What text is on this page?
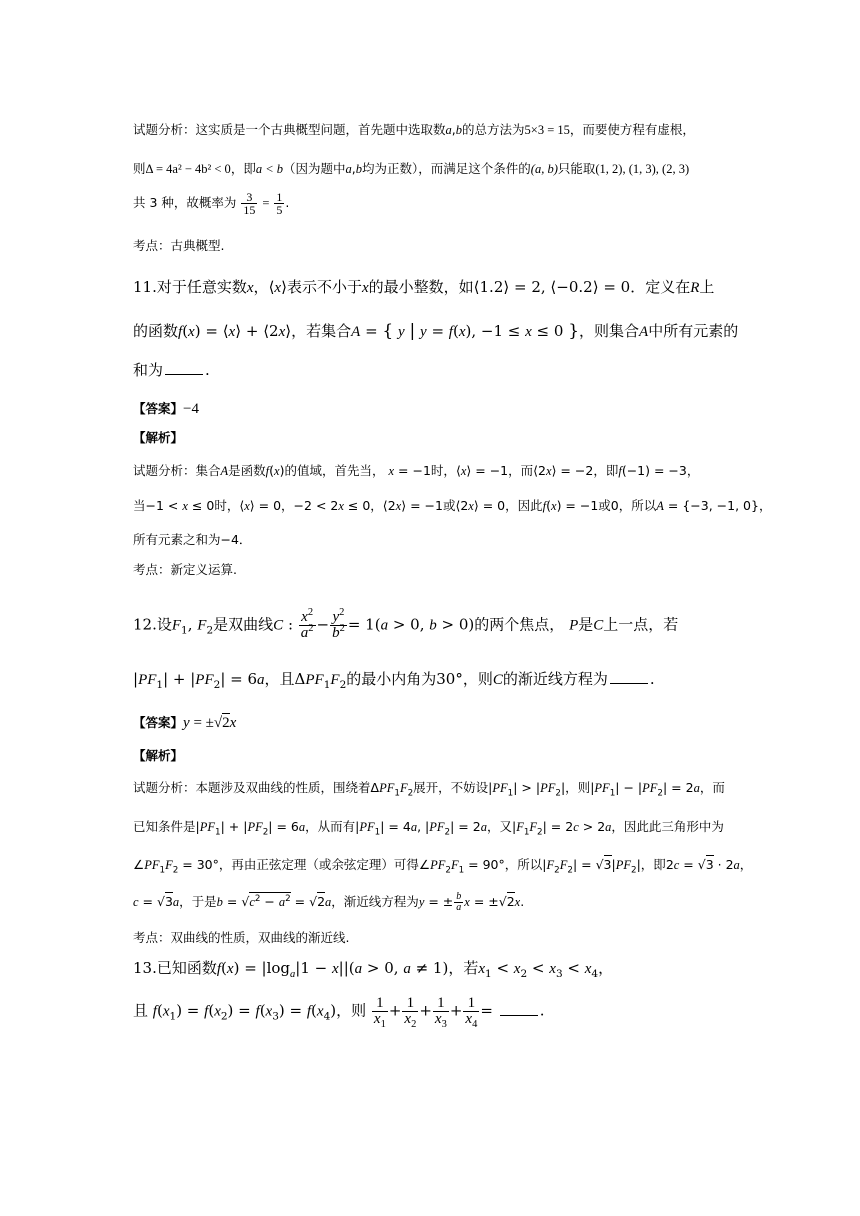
试题分析：这实质是一个古典概型问题，首先题中选取数a,b的总方法为5×3 = 15，而要使方程有虚根，
则Δ = 4a² − 4b² < 0，即a < b（因为题中a,b均为正数），而满足这个条件的(a, b)只能取(1, 2), (1, 3), (2, 3)
共 3 种，故概率为 $\frac{3}{15} = \frac{1}{5}$ .
考点：古典概型.
11.对于任意实数x，⟨x⟩表示不小于x的最小整数，如⟨1.2⟩ = 2, ⟨−0.2⟩ = 0．定义在R上
的函数f(x) = ⟨x⟩ + ⟨2x⟩，若集合A = { y | y = f(x), −1 ≤ x ≤ 0 }，则集合A中所有元素的
和为	.
【答案】−4
【解析】
试题分析：集合A是函数f(x)的值域，首先当， x = −1时，⟨x⟩ = −1，而⟨2x⟩ = −2，即f(−1) = −3，
当−1 < x ≤ 0时，⟨x⟩ = 0，−2 < 2x ≤ 0，⟨2x⟩ = −1或⟨2x⟩ = 0，因此f(x) = −1或0，所以A = {−3, −1, 0}，
所有元素之和为−4．
考点：新定义运算.
12.设$F_1$, $F_2$是双曲线C : $\frac{x^2}{a^2} - \frac{y^2}{b^2} = 1(a > 0$, b > 0)的两个焦点， P是C上一点，若
$|PF_1| + |PF_2| = 6a$，且$\Delta PF_1F_2$的最小内角为30°，则C的渐近线方程为	.
【答案】y = ±√2x
【解析】
试题分析：本题涉及双曲线的性质，围绕着$\Delta PF_1F_2$展开，不妨设$|PF_1| > |PF_2|$，则$|PF_1| - |PF_2| = 2a$，而
已知条件是$|PF_1| + |PF_2| = 6a$，从而有$|PF_1| = 4a$, $|PF_2| = 2a$，又$|F_1F_2| = 2c > 2a$，因此此三角形中为
$\angle PF_1F_2 = 30^\circ$，再由正弦定理（或余弦定理）可得$\angle PF_2F_1 = 90^\circ$，所以$|F_2F_2| = √3|PF_2|$，即2c = √3 · 2a，
c = √3a，于是$b = √c^2 - a^2 = √2a$，渐近线方程为y = ± $\frac{b}{a}$ x = ±√2x.
考点：双曲线的性质，双曲线的渐近线.
13.已知函数$f(x) = |\log_a|1 - x||(a > 0$, a ≠ 1)，若$x_1 < x_2 < x_3 < x_4$，
且 $f(x_1) = f(x_2) = f(x_3) = f(x_4)$，则 $\frac{1}{x_1} + \frac{1}{x_2} + \frac{1}{x_3} + \frac{1}{x_4}$ =	.
